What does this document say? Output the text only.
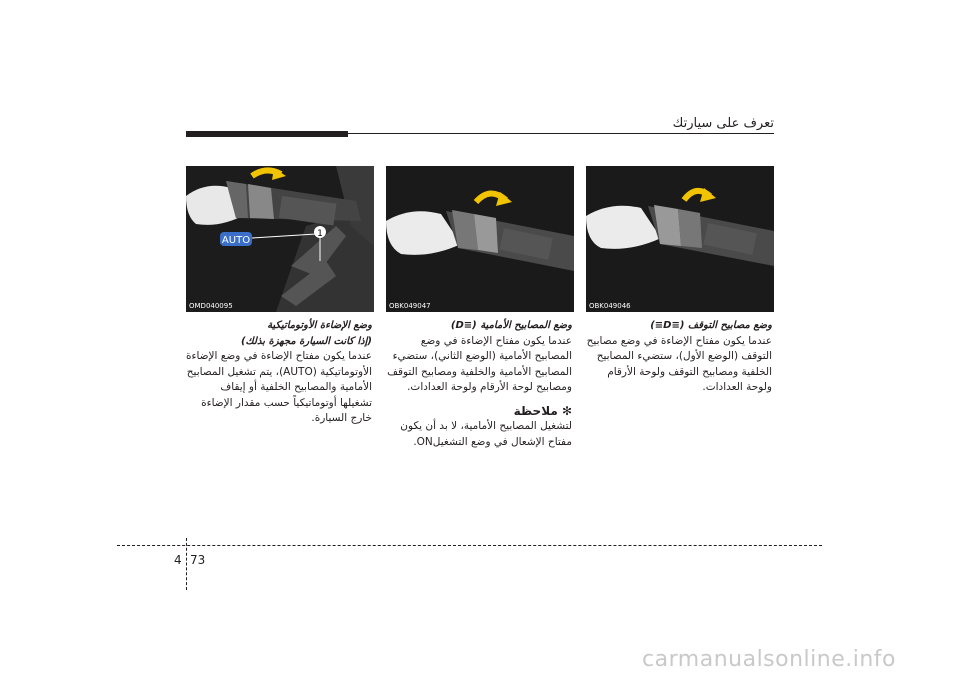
تعرف على سيارتك
AUTO
1
OMD040095	OBK049047	OBK049046
وضع الإضاءة الأوتوماتيكية
(إذا كانت السيارة مجهزة بذلك)
عندما يكون مفتاح الإضاءة في وضع الإضاءة الأوتوماتيكية (AUTO)، يتم تشغيل المصابيح الأمامية والمصابيح الخلفية أو إيقاف تشغيلها أوتوماتيكياً حسب مقدار الإضاءة خارج السيارة.
وضع المصابيح الأمامية (≡D)
عندما يكون مفتاح الإضاءة في وضع المصابيح الأمامية (الوضع الثاني)، ستضيء المصابيح الأمامية والخلفية ومصابيح التوقف ومصابيح لوحة الأرقام ولوحة العدادات.
✻ ملاحظة
لتشغيل المصابيح الأمامية، لا بد أن يكون مفتاح الإشعال في وضع التشغيلON.
وضع مصابيح التوقف (≡D≡)
عندما يكون مفتاح الإضاءة في وضع مصابيح التوقف (الوضع الأول)، ستضيء المصابيح الخلفية ومصابيح التوقف ولوحة الأرقام ولوحة العدادات.
4 73
carmanualsonline.info
